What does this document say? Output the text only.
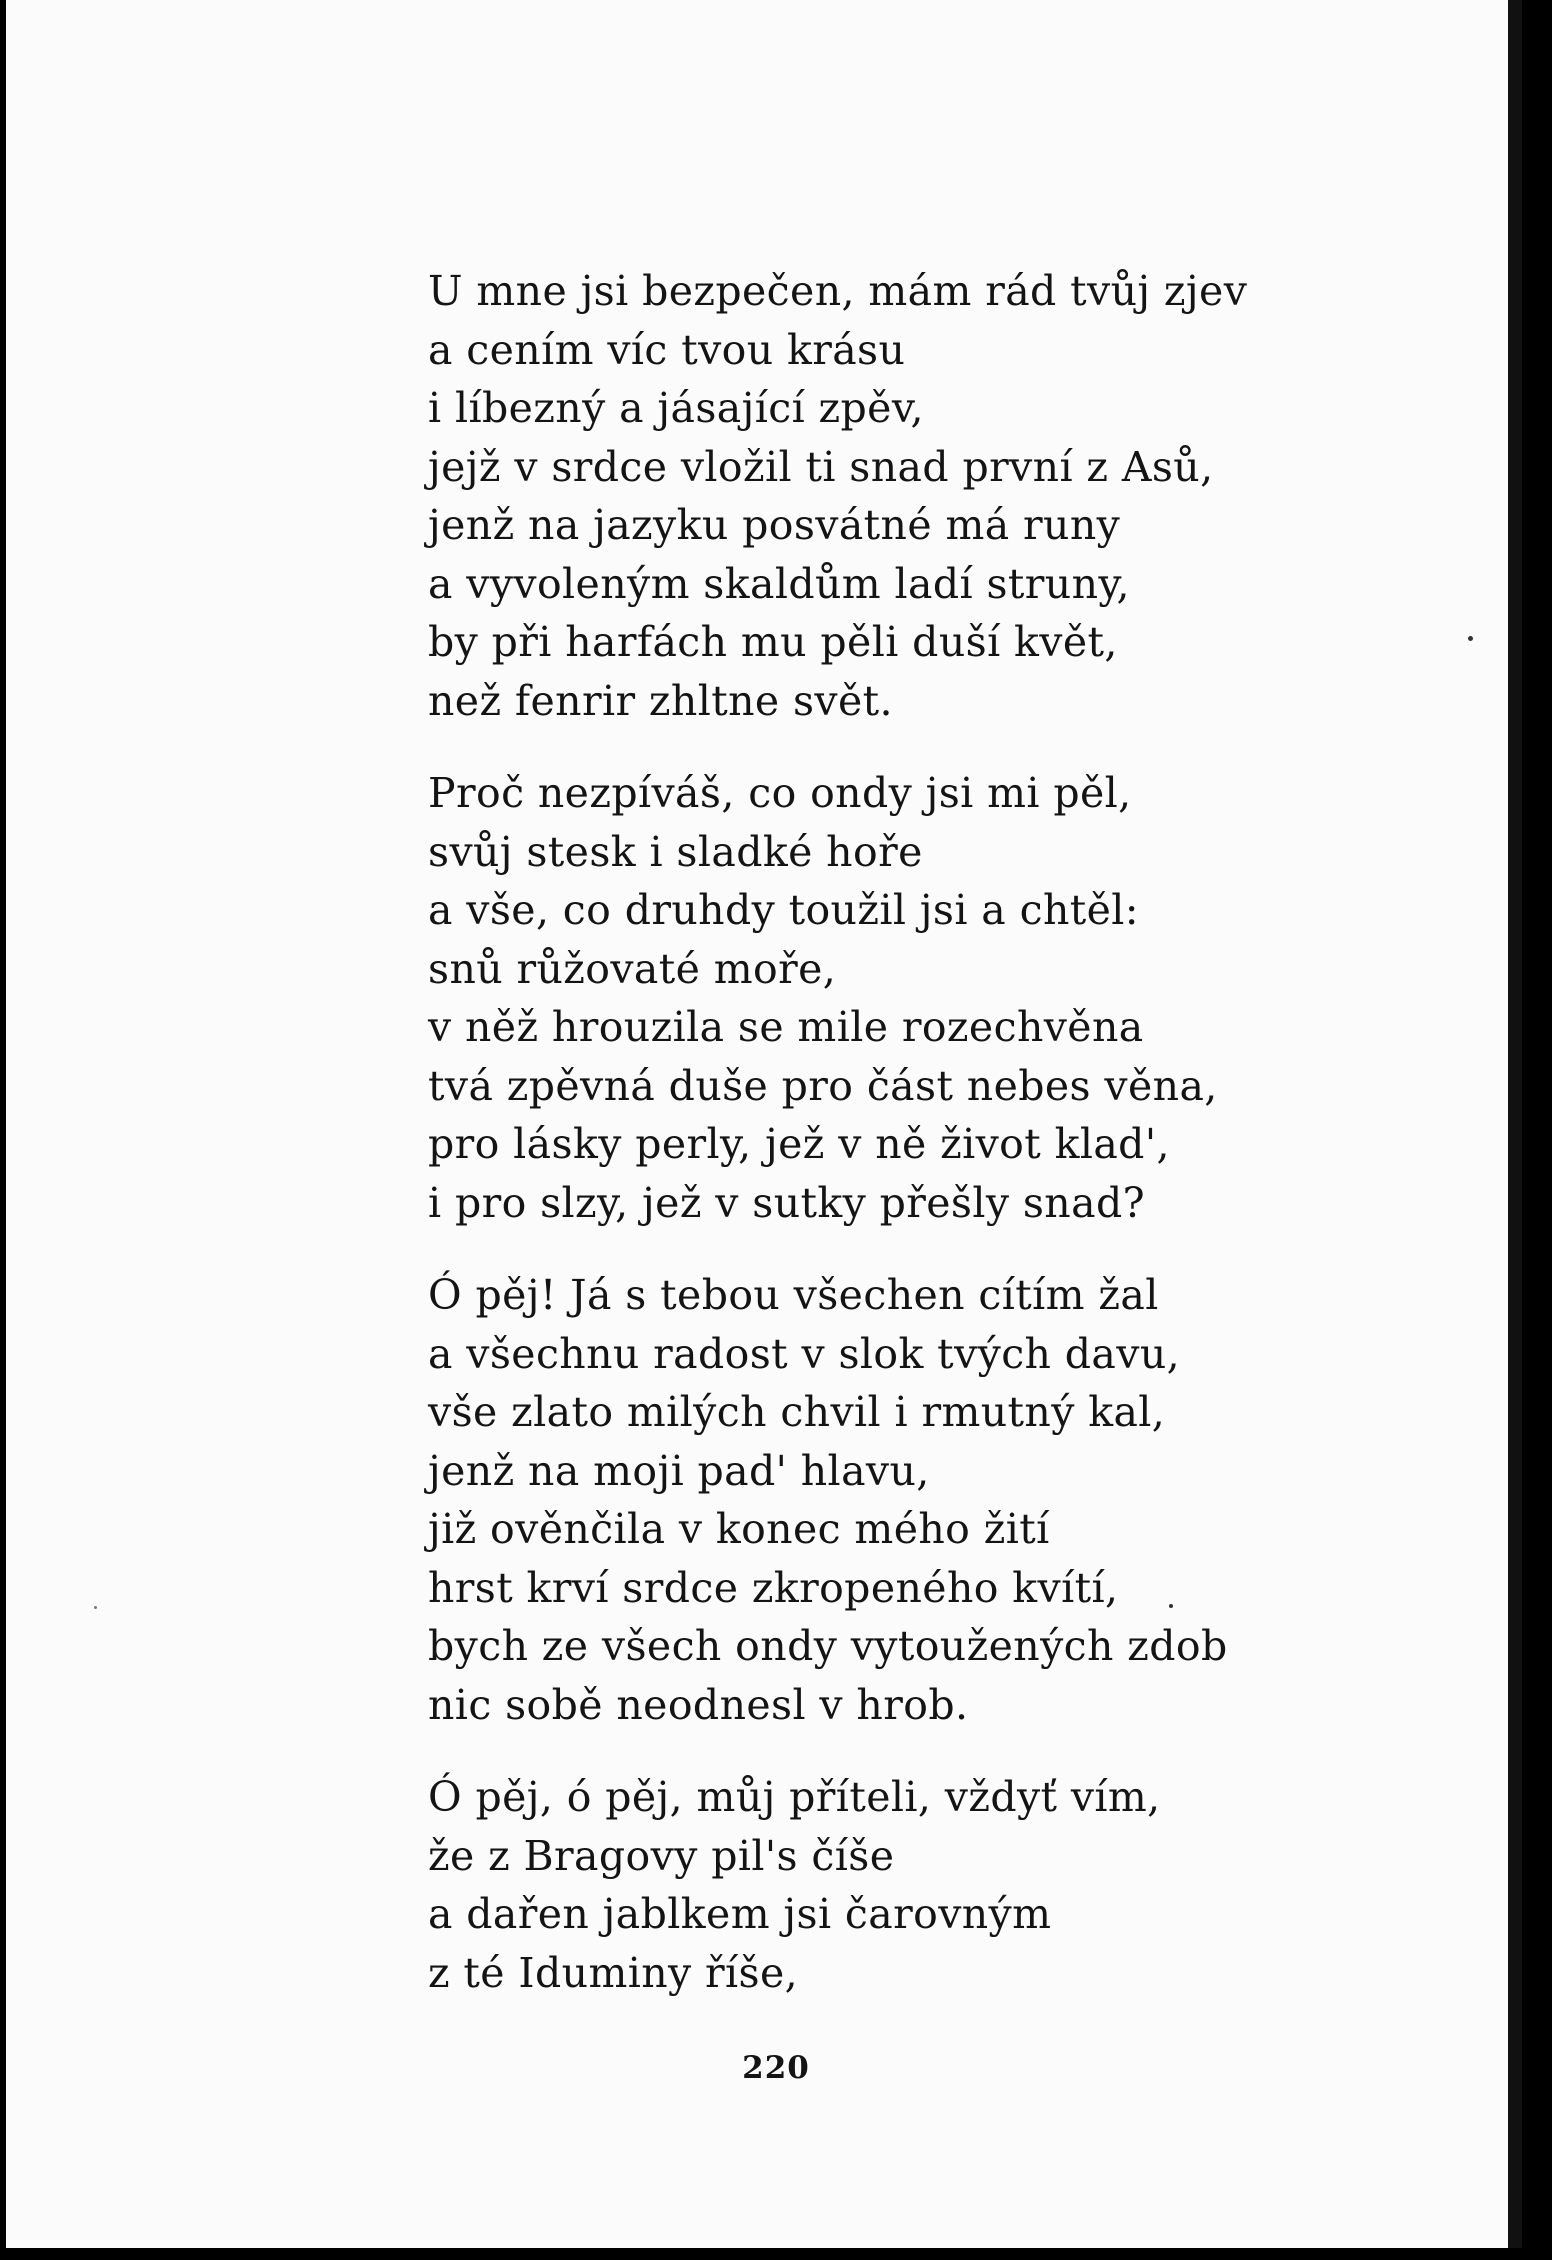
U mne jsi bezpečen, mám rád tvůj zjev
a cením víc tvou krásu
i líbezný a jásající zpěv,
jejž v srdce vložil ti snad první z Asů,
jenž na jazyku posvátné má runy
a vyvoleným skaldům ladí struny,
by při harfách mu pěli duší květ,
než fenrir zhltne svět.
Proč nezpíváš, co ondy jsi mi pěl,
svůj stesk i sladké hoře
a vše, co druhdy toužil jsi a chtěl:
snů růžovaté moře,
v něž hrouzila se mile rozechvěna
tvá zpěvná duše pro část nebes věna,
pro lásky perly, jež v ně život klad',
i pro slzy, jež v sutky přešly snad?
Ó pěj! Já s tebou všechen cítím žal
a všechnu radost v slok tvých davu,
vše zlato milých chvil i rmutný kal,
jenž na moji pad' hlavu,
již ověnčila v konec mého žití
hrst krví srdce zkropeného kvítí,
bych ze všech ondy vytoužených zdob
nic sobě neodnesl v hrob.
Ó pěj, ó pěj, můj příteli, vždyť vím,
že z Bragovy pil's číše
a dařen jablkem jsi čarovným
z té Iduminy říše,
220
